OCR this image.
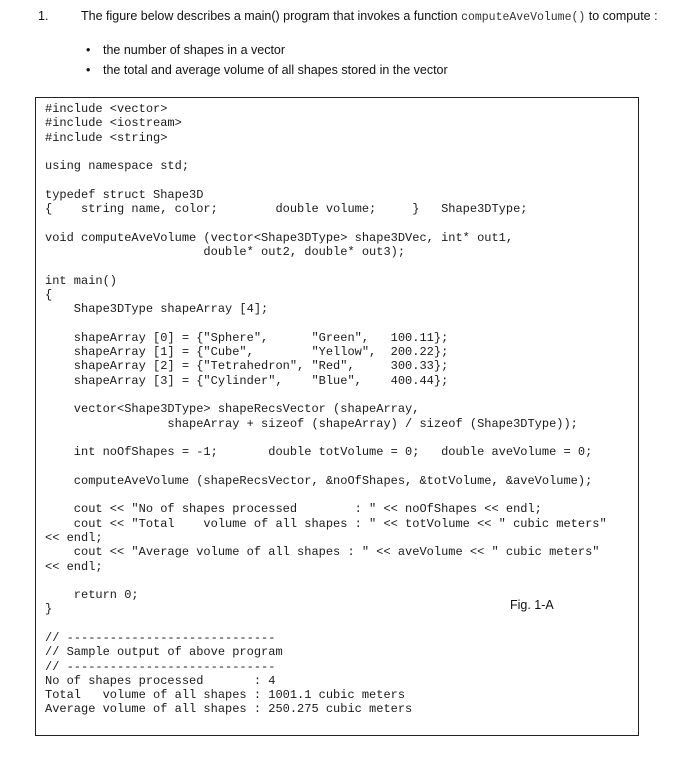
1.	The figure below describes a main() program that invokes a function computeAveVolume() to compute :
• the number of shapes in a vector
• the total and average volume of all shapes stored in the vector
#include <vector>
#include <iostream>
#include <string>

using namespace std;

typedef struct Shape3D
{    string name, color;        double volume;     }   Shape3DType;

void computeAveVolume (vector<Shape3DType> shape3DVec, int* out1,
double* out2, double* out3);

int main()
{
Shape3DType shapeArray [4];

shapeArray [0] = {"Sphere",      "Green",   100.11};
shapeArray [1] = {"Cube",        "Yellow",  200.22};
shapeArray [2] = {"Tetrahedron", "Red",     300.33};
shapeArray [3] = {"Cylinder",    "Blue",    400.44};

vector<Shape3DType> shapeRecsVector (shapeArray,
shapeArray + sizeof (shapeArray) / sizeof (Shape3DType));

int noOfShapes = -1;       double totVolume = 0;   double aveVolume = 0;

computeAveVolume (shapeRecsVector, &noOfShapes, &totVolume, &aveVolume);

cout << "No of shapes processed        : " << noOfShapes << endl;
cout << "Total    volume of all shapes : " << totVolume << " cubic meters"
<< endl;
cout << "Average volume of all shapes : " << aveVolume << " cubic meters"
<< endl;

return 0;
}

// -----------------------------
// Sample output of above program
// -----------------------------
No of shapes processed       : 4
Total   volume of all shapes : 1001.1 cubic meters
Average volume of all shapes : 250.275 cubic meters

Fig. 1-A
